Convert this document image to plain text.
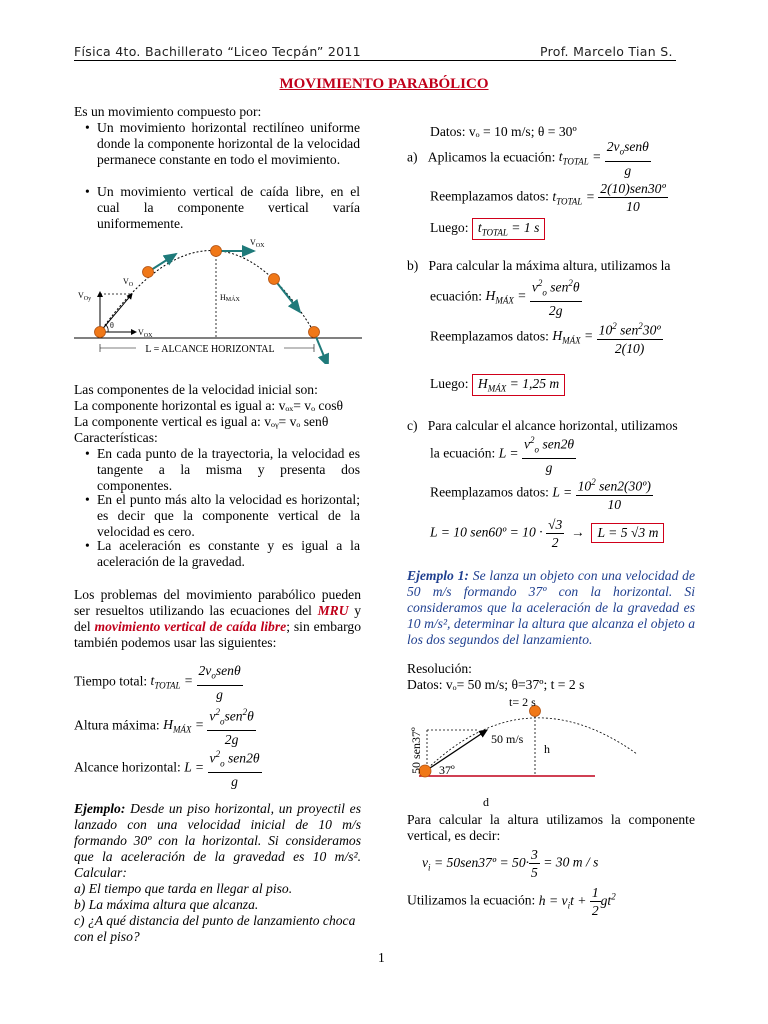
Física 4to. Bachillerato “Liceo Tecpán” 2011	Prof. Marcelo Tian S.
MOVIMIENTO PARABÓLICO
Es un movimiento compuesto por:
• Un movimiento horizontal rectilíneo uniforme donde la componente horizontal de la velocidad permanece constante en todo el movimiento.
• Un movimiento vertical de caída libre, en el cual la componente vertical varía uniformemente.
θ
$V_O$
$V_{Oy}$
$V_{OX}$
$V_{OX}$
HMÁX
L = ALCANCE HORIZONTAL
Las componentes de la velocidad inicial son:
La componente horizontal es igual a: vₒₓ= vₒ cosθ
La componente vertical es igual a: vₒᵧ= vₒ senθ
Características:
• En cada punto de la trayectoria, la velocidad es tangente a la misma y presenta dos componentes.
• En el punto más alto la velocidad es horizontal; es decir que la componente vertical de la velocidad es cero.
• La aceleración es constante y es igual a la aceleración de la gravedad.
Los problemas del movimiento parabólico pueden ser resueltos utilizando las ecuaciones del MRU y del movimiento vertical de caída libre; sin embargo también podemos usar las siguientes:
Tiempo total: $t_{TOTAL} = \frac{2v_osen\theta}{g}$
Altura máxima: $H_{MÁX} = \frac{v^2_osen^2\theta}{2g}$
Alcance horizontal: $L = \frac{v^2_o sen2\theta}{g}$
Ejemplo: Desde un piso horizontal, un proyectil es lanzado con una velocidad inicial de 10 m/s formando 30º con la horizontal. Si consideramos que la aceleración de la gravedad es 10 m/s². Calcular:
a) El tiempo que tarda en llegar al piso.
b) La máxima altura que alcanza.
c) ¿A qué distancia del punto de lanzamiento choca con el piso?
Datos: vₒ = 10 m/s; θ = 30º
a) Aplicamos la ecuación: $t_{TOTAL} = \frac{2v_osen\theta}{g}$
Reemplazamos datos: $t_{TOTAL} = \frac{\text{2(10)sen30º}}{10}$
Luego: $t_{TOTAL} = 1$ s
b) Para calcular la máxima altura, utilizamos la
ecuación: $H_{MÁX} = \frac{v^2_o sen^2\theta}{2g}$
Reemplazamos datos: $H_{MÁX} = \frac{10^2 sen^230º}{2(10)}$
Luego: $H_{MÁX} = 1,25$ m
c) Para calcular el alcance horizontal, utilizamos
la ecuación: $L = \frac{v^2_o sen2\theta}{g}$
Reemplazamos datos: $L = \frac{10^2 sen2(30º)}{10}$
L = 10 sen60º = $10 \cdot \frac{√3}{2} \to L = 5$ √3 m
Ejemplo 1: Se lanza un objeto con una velocidad de 50 m/s formando 37º con la horizontal. Si consideramos que la aceleración de la gravedad es 10 m/s², determinar la altura que alcanza el objeto a los dos segundos del lanzamiento.
Resolución:
Datos: vₒ= 50 m/s; θ=37º; t = 2 s
t= 2 s
50 m/s
37º
h
50 sen37º
d
Para calcular la altura utilizamos la componente vertical, es decir:
$v_i$ = 50sen37º = $50\cdot \frac{3}{5} = 30$ m / s
Utilizamos la ecuación: $h = v_it + \frac{1}{2} gt^2$
1
